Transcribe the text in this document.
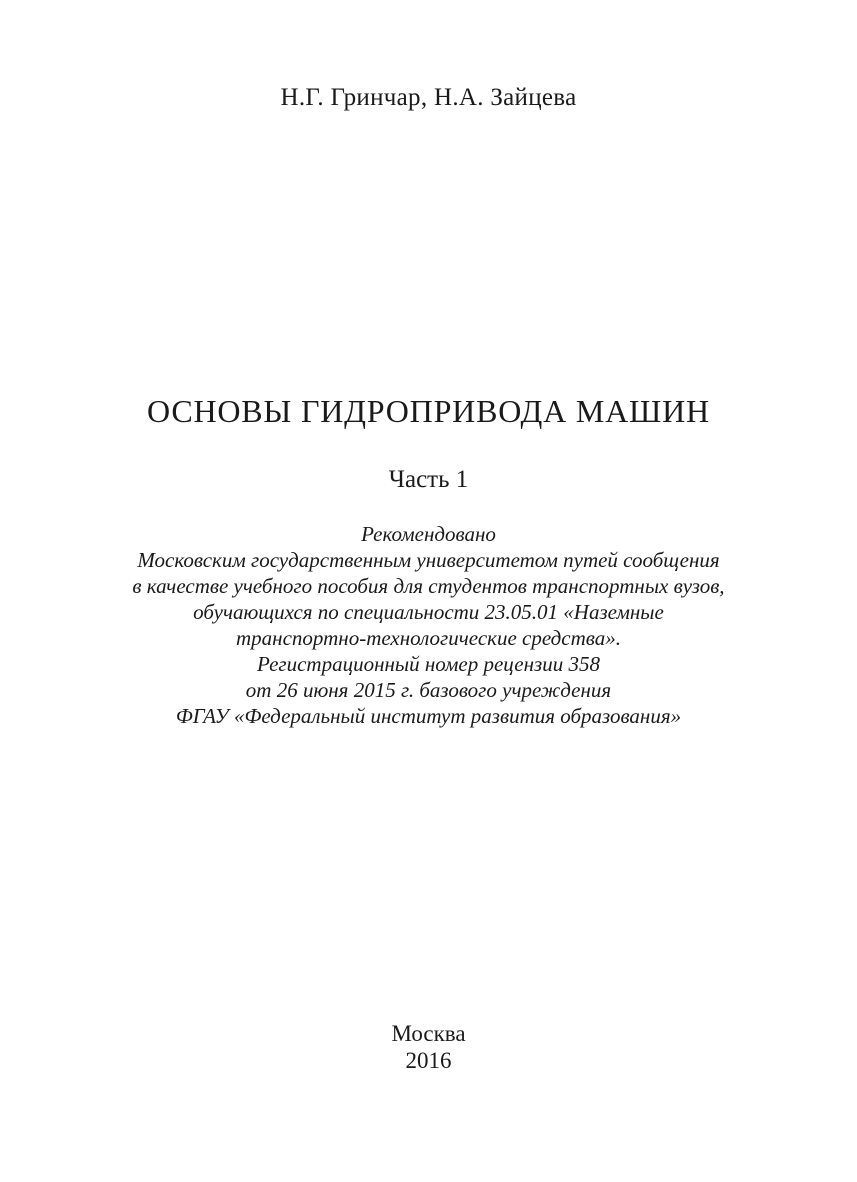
Н.Г. Гринчар, Н.А. Зайцева
ОСНОВЫ ГИДРОПРИВОДА МАШИН
Часть 1
Рекомендовано
Московским государственным университетом путей сообщения
в качестве учебного пособия для студентов транспортных вузов,
обучающихся по специальности 23.05.01 «Наземные
транспортно-технологические средства».
Регистрационный номер рецензии 358
от 26 июня 2015 г. базового учреждения
ФГАУ «Федеральный институт развития образования»
Москва
2016
